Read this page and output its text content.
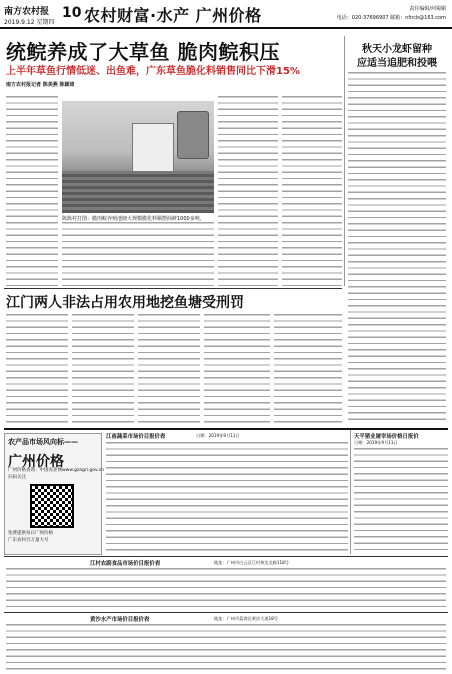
南方农村报
2019.9.12 星期四
10 农村财富·水产 广州价格	责任编辑/何蜀媚
电话：020-37696907 邮箱：nfncb@163.com
统鲩养成了大草鱼 脆肉鲩积压
上半年草鱼行情低迷、出鱼难，广东草鱼脆化料销售同比下滑15%
南方农村报记者 陈美燕 陈颖琦
陈陈村打图：脆肉鲩养殖池塘大规模脆化料顺摆商鲜1000多吨。
秋天小龙虾留种
应适当追肥和投喂
江门两人非法占用农用地挖鱼塘受刑罚
农产品市场风向标——
广州价格
广州价格查询：中国农业网www.gzagri.gov.cn
扫码关注
免费提供每日广州价格
广东农村百万量大号
江南蔬菜市场价目报价表	日期：2019年9月11日	天平猪业屠宰场价格日报价
日期：2019年9月11日
江村农副食品市场价目报价表	地址：广州市白云区江村黄边北路118号
黄沙水产市场价目报价表	地址：广州市荔湾区黄沙大道18号
